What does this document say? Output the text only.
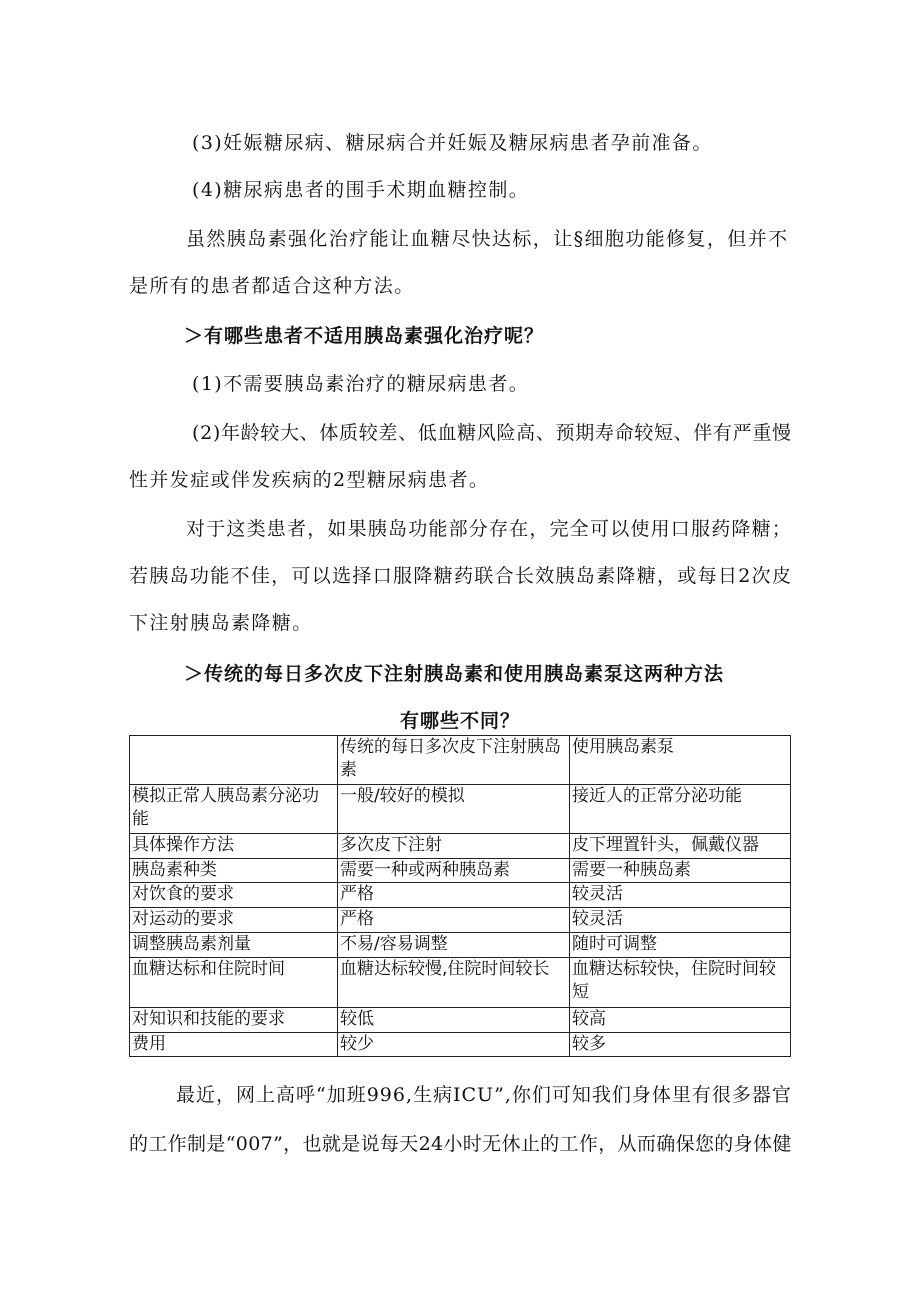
(3)妊娠糖尿病、糖尿病合并妊娠及糖尿病患者孕前准备。
(4)糖尿病患者的围手术期血糖控制。
虽然胰岛素强化治疗能让血糖尽快达标，让§细胞功能修复，但并不
是所有的患者都适合这种方法。
＞有哪些患者不适用胰岛素强化治疗呢？
(1)不需要胰岛素治疗的糖尿病患者。
(2)年龄较大、体质较差、低血糖风险高、预期寿命较短、伴有严重慢
性并发症或伴发疾病的2型糖尿病患者。
对于这类患者，如果胰岛功能部分存在，完全可以使用口服药降糖；
若胰岛功能不佳，可以选择口服降糖药联合长效胰岛素降糖，或每日2次皮
下注射胰岛素降糖。
＞传统的每日多次皮下注射胰岛素和使用胰岛素泵这两种方法
有哪些不同？
	传统的每日多次皮下注射胰岛素	使用胰岛素泵
模拟正常人胰岛素分泌功能	一般/较好的模拟	接近人的正常分泌功能
具体操作方法	多次皮下注射	皮下埋置针头，佩戴仪器
胰岛素种类	需要一种或两种胰岛素	需要一种胰岛素
对饮食的要求	严格	较灵活
对运动的要求	严格	较灵活
调整胰岛素剂量	不易/容易调整	随时可调整
血糖达标和住院时间	血糖达标较慢,住院时间较长	血糖达标较快，住院时间较短
对知识和技能的要求	较低	较高
费用	较少	较多
最近，网上高呼“加班996,生病ICU”,你们可知我们身体里有很多器官
的工作制是“007”，也就是说每天24小时无休止的工作，从而确保您的身体健
